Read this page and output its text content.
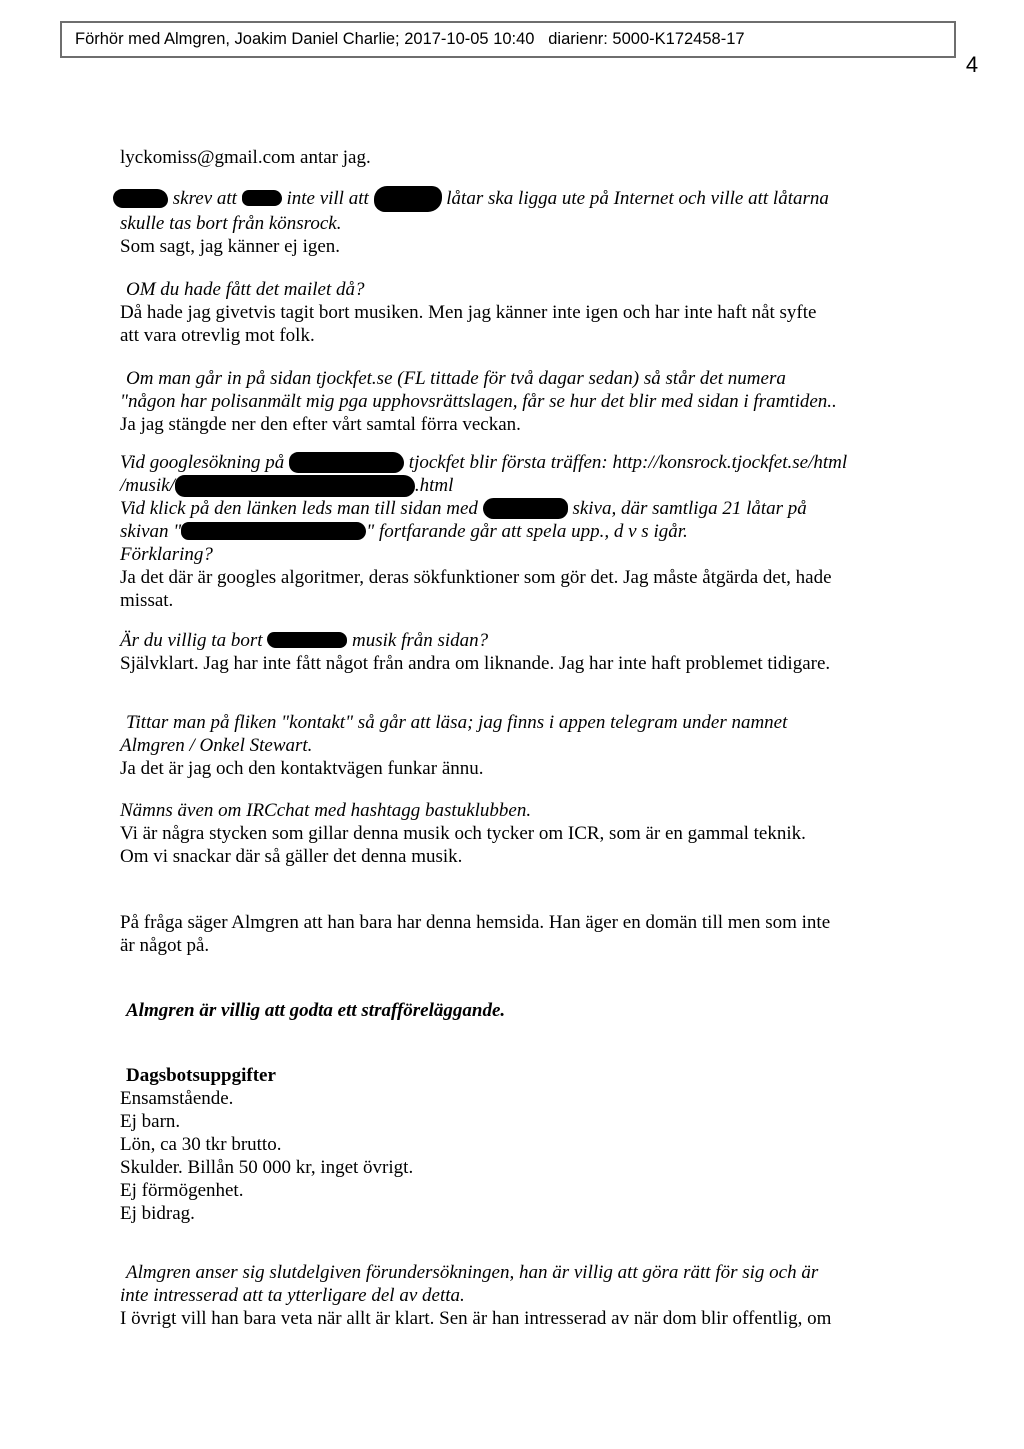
Förhör med Almgren, Joakim Daniel Charlie; 2017-10-05 10:40   diarienr: 5000-K172458-17
4
lyckomiss@gmail.com antar jag.
skrev att  inte vill att	låtar ska ligga ute på Internet och ville att låtarna
skulle tas bort från könsrock.
Som sagt, jag känner ej igen.
OM du hade fått det mailet då?
Då hade jag givetvis tagit bort musiken. Men jag känner inte igen och har inte haft nåt syfte
att vara otrevlig mot folk.
Om man går in på sidan tjockfet.se (FL tittade för två dagar sedan) så står det numera
"någon har polisanmält mig pga upphovsrättslagen, får se hur det blir med sidan i framtiden..
Ja jag stängde ner den efter vårt samtal förra veckan.
Vid googlesökning på	tjockfet blir första träffen: http://konsrock.tjockfet.se/html
/musik/	.html
Vid klick på den länken leds man till sidan med	skiva, där samtliga 21 låtar på
skivan "	" fortfarande går att spela upp., d v s igår.
Förklaring?
Ja det där är googles algoritmer, deras sökfunktioner som gör det. Jag måste åtgärda det, hade
missat.
Är du villig ta bort	musik från sidan?
Självklart. Jag har inte fått något från andra om liknande. Jag har inte haft problemet tidigare.
Tittar man på fliken "kontakt" så går att läsa; jag finns i appen telegram under namnet
Almgren / Onkel Stewart.
Ja det är jag och den kontaktvägen funkar ännu.
Nämns även om IRCchat med hashtagg bastuklubben.
Vi är några stycken som gillar denna musik och tycker om ICR, som är en gammal teknik.
Om vi snackar där så gäller det denna musik.
På fråga säger Almgren att han bara har denna hemsida. Han äger en domän till men som inte
är något på.
Almgren är villig att godta ett strafföreläggande.
Dagsbotsuppgifter
Ensamstående.
Ej barn.
Lön, ca 30 tkr brutto.
Skulder. Billån 50 000 kr, inget övrigt.
Ej förmögenhet.
Ej bidrag.
Almgren anser sig slutdelgiven förundersökningen, han är villig att göra rätt för sig och är
inte intresserad att ta ytterligare del av detta.
I övrigt vill han bara veta när allt är klart. Sen är han intresserad av när dom blir offentlig, om
